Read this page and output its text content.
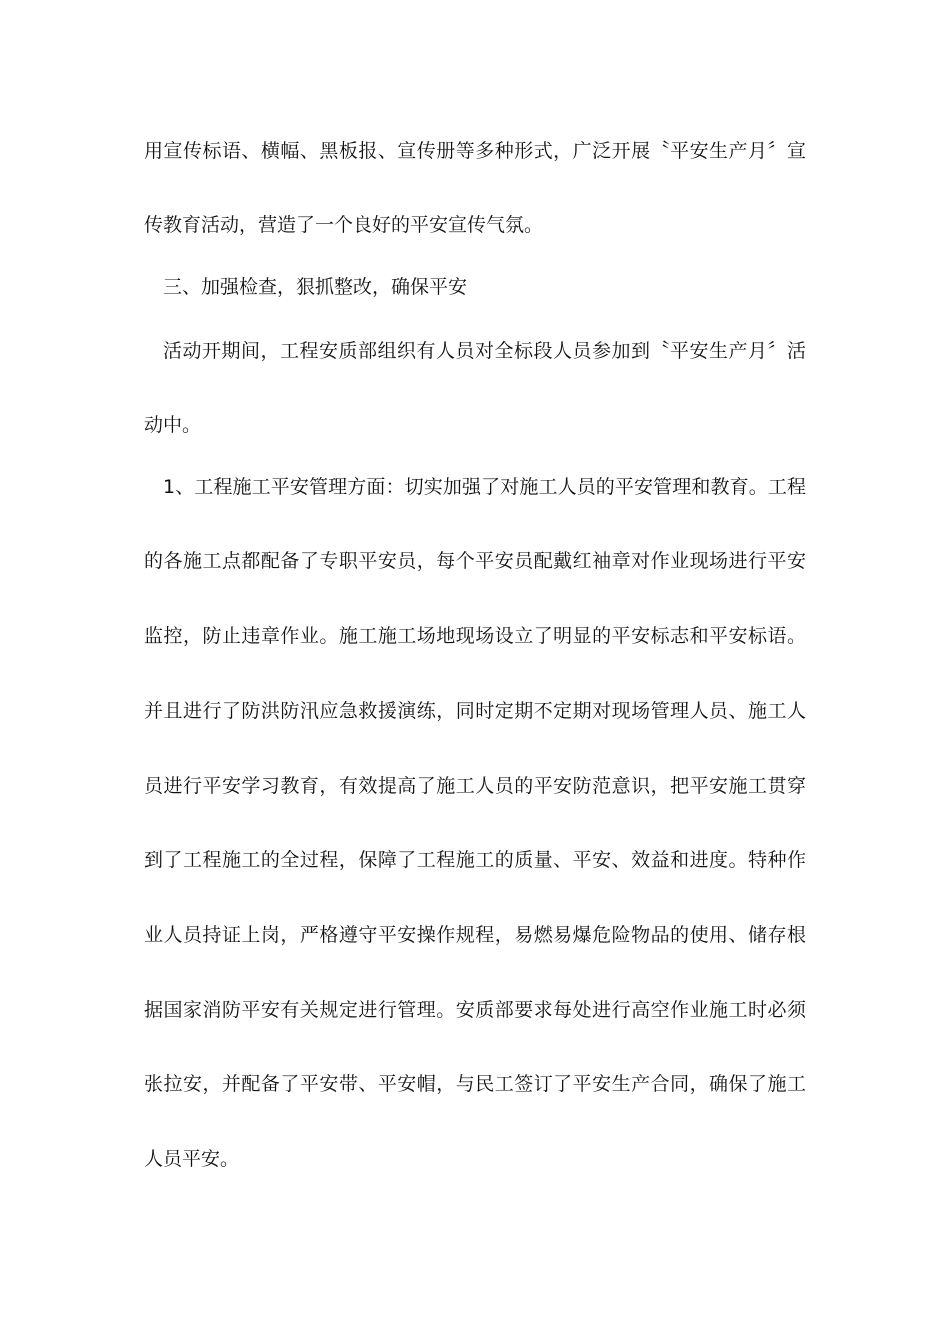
用宣传标语、横幅、黑板报、宣传册等多种形式，广泛开展〝平安生产月〞宣
传教育活动，营造了一个良好的平安宣传气氛。
三、加强检查，狠抓整改，确保平安
活动开期间，工程安质部组织有人员对全标段人员参加到〝平安生产月〞活
动中。
1、工程施工平安管理方面：切实加强了对施工人员的平安管理和教育。工程
的各施工点都配备了专职平安员，每个平安员配戴红袖章对作业现场进行平安
监控，防止违章作业。施工施工场地现场设立了明显的平安标志和平安标语。
并且进行了防洪防汛应急救援演练，同时定期不定期对现场管理人员、施工人
员进行平安学习教育，有效提高了施工人员的平安防范意识，把平安施工贯穿
到了工程施工的全过程，保障了工程施工的质量、平安、效益和进度。特种作
业人员持证上岗，严格遵守平安操作规程，易燃易爆危险物品的使用、储存根
据国家消防平安有关规定进行管理。安质部要求每处进行高空作业施工时必须
张拉安，并配备了平安带、平安帽，与民工签订了平安生产合同，确保了施工
人员平安。
